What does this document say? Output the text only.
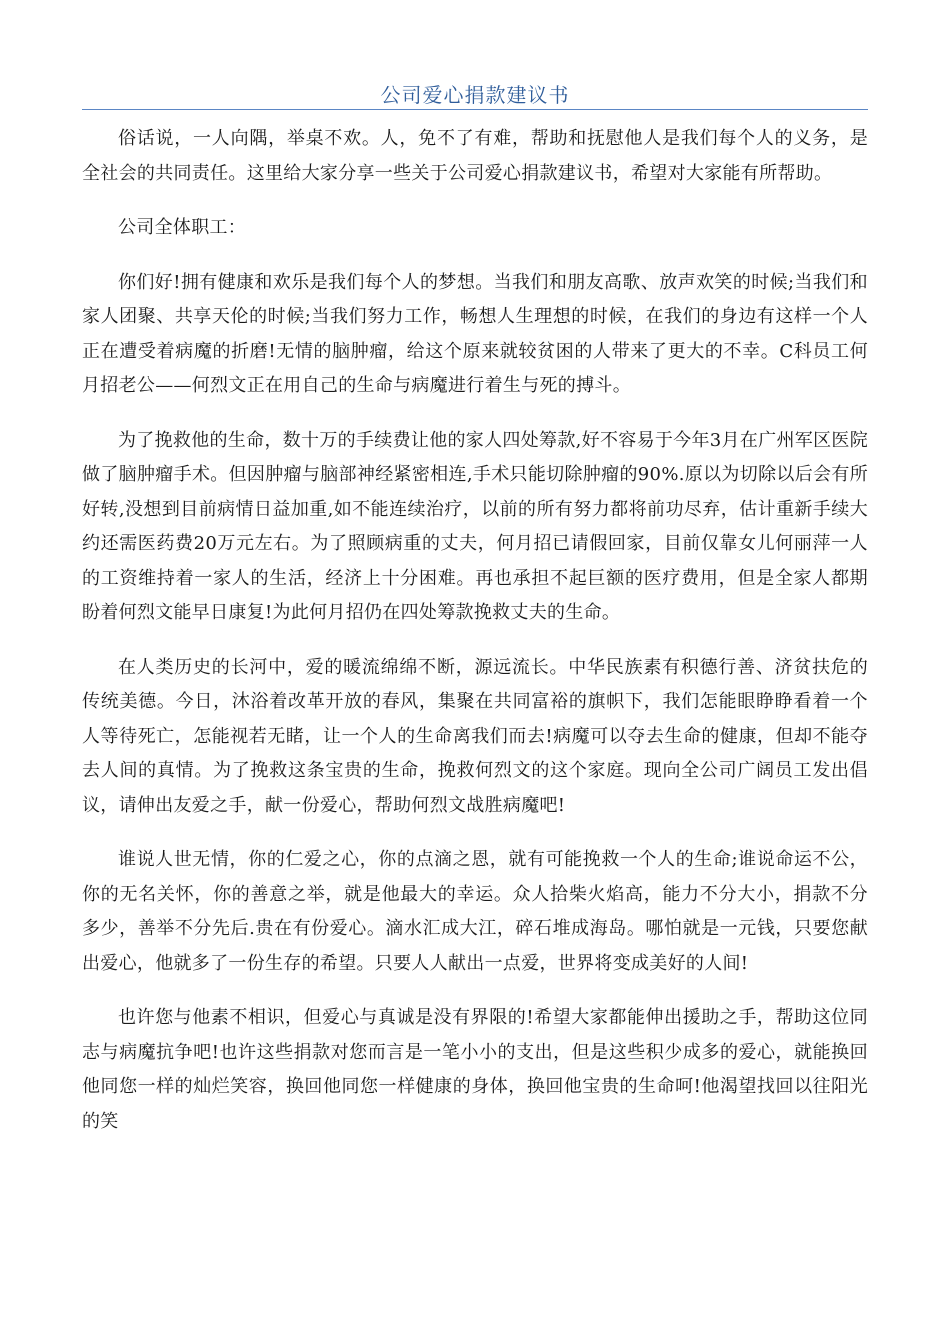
公司爱心捐款建议书

俗话说，一人向隅，举桌不欢。人，免不了有难，帮助和抚慰他人是我们每个人的义务，是全社会的共同责任。这里给大家分享一些关于公司爱心捐款建议书，希望对大家能有所帮助。

公司全体职工：

你们好!拥有健康和欢乐是我们每个人的梦想。当我们和朋友高歌、放声欢笑的时候;当我们和家人团聚、共享天伦的时候;当我们努力工作，畅想人生理想的时候，在我们的身边有这样一个人正在遭受着病魔的折磨!无情的脑肿瘤，给这个原来就较贫困的人带来了更大的不幸。C科员工何月招老公——何烈文正在用自己的生命与病魔进行着生与死的搏斗。

为了挽救他的生命，数十万的手续费让他的家人四处筹款,好不容易于今年3月在广州军区医院做了脑肿瘤手术。但因肿瘤与脑部神经紧密相连,手术只能切除肿瘤的90%.原以为切除以后会有所好转,没想到目前病情日益加重,如不能连续治疗，以前的所有努力都将前功尽弃，估计重新手续大约还需医药费20万元左右。为了照顾病重的丈夫，何月招已请假回家，目前仅靠女儿何丽萍一人的工资维持着一家人的生活，经济上十分困难。再也承担不起巨额的医疗费用，但是全家人都期盼着何烈文能早日康复!为此何月招仍在四处筹款挽救丈夫的生命。

在人类历史的长河中，爱的暖流绵绵不断，源远流长。中华民族素有积德行善、济贫扶危的传统美德。今日，沐浴着改革开放的春风，集聚在共同富裕的旗帜下，我们怎能眼睁睁看着一个人等待死亡，怎能视若无睹，让一个人的生命离我们而去!病魔可以夺去生命的健康，但却不能夺去人间的真情。为了挽救这条宝贵的生命，挽救何烈文的这个家庭。现向全公司广阔员工发出倡议，请伸出友爱之手，献一份爱心，帮助何烈文战胜病魔吧!

谁说人世无情，你的仁爱之心，你的点滴之恩，就有可能挽救一个人的生命;谁说命运不公，你的无名关怀，你的善意之举，就是他最大的幸运。众人拾柴火焰高，能力不分大小，捐款不分多少，善举不分先后.贵在有份爱心。滴水汇成大江，碎石堆成海岛。哪怕就是一元钱，只要您献出爱心，他就多了一份生存的希望。只要人人献出一点爱，世界将变成美好的人间!

也许您与他素不相识，但爱心与真诚是没有界限的!希望大家都能伸出援助之手，帮助这位同志与病魔抗争吧!也许这些捐款对您而言是一笔小小的支出，但是这些积少成多的爱心，就能换回他同您一样的灿烂笑容，换回他同您一样健康的身体，换回他宝贵的生命呵!他渴望找回以往阳光的笑
